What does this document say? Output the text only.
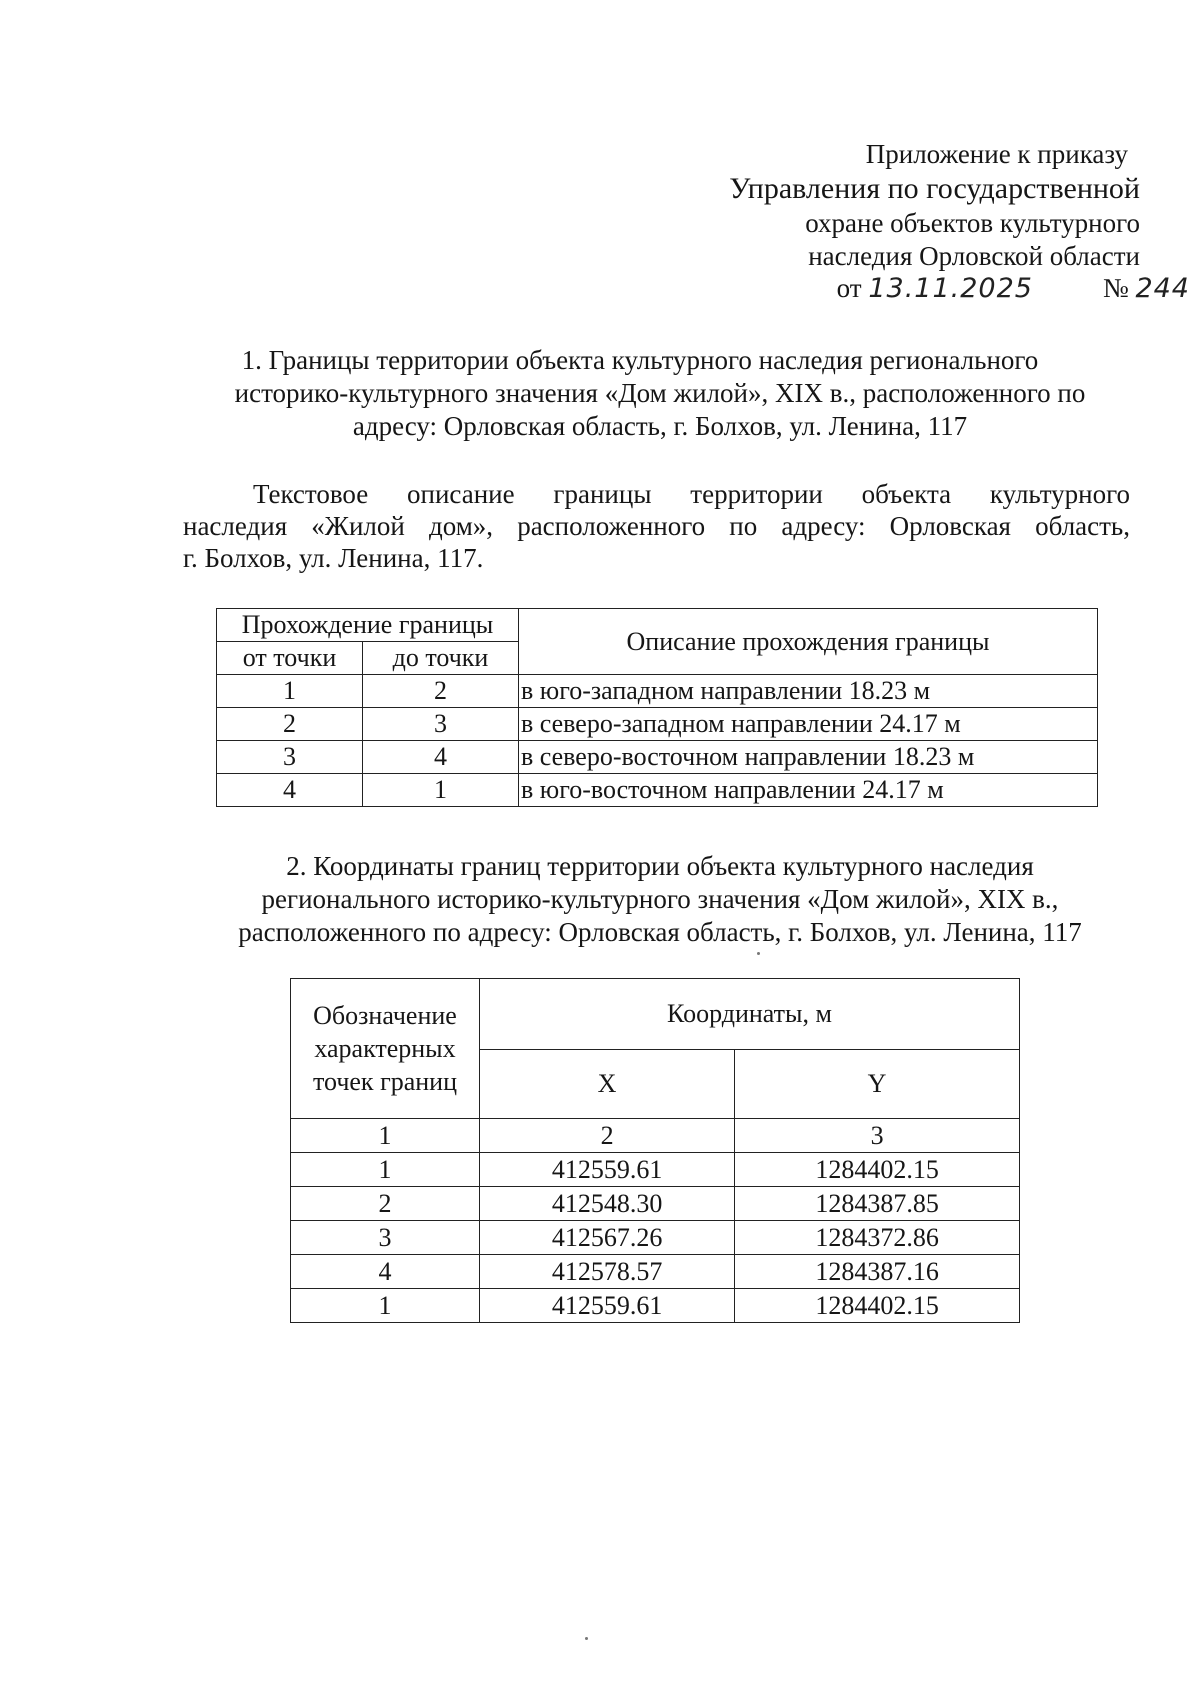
Приложение к приказу
Управления по государственной
охране объектов культурного
наследия Орловской области
от 13.11.2025	№ 244
1. Границы территории объекта культурного наследия регионального
историко-культурного значения «Дом жилой», XIX в., расположенного по
адресу: Орловская область, г. Болхов, ул. Ленина, 117
Текстовое описание границы территории объекта культурного
наследия «Жилой дом», расположенного по адресу: Орловская область,
г. Болхов, ул. Ленина, 117.
Прохождение границы		Описание прохождения границы
от точки	до точки	
1	2	в юго-западном направлении 18.23 м
2	3	в северо-западном направлении 24.17 м
3	4	в северо-восточном направлении 18.23 м
4	1	в юго-восточном направлении 24.17 м
2. Координаты границ территории объекта культурного наследия
регионального историко-культурного значения «Дом жилой», XIX в.,
расположенного по адресу: Орловская область, г. Болхов, ул. Ленина, 117
Обозначение характерных точек границ	Координаты, м	
	X	Y
1	2	3
1	412559.61	1284402.15
2	412548.30	1284387.85
3	412567.26	1284372.86
4	412578.57	1284387.16
1	412559.61	1284402.15
